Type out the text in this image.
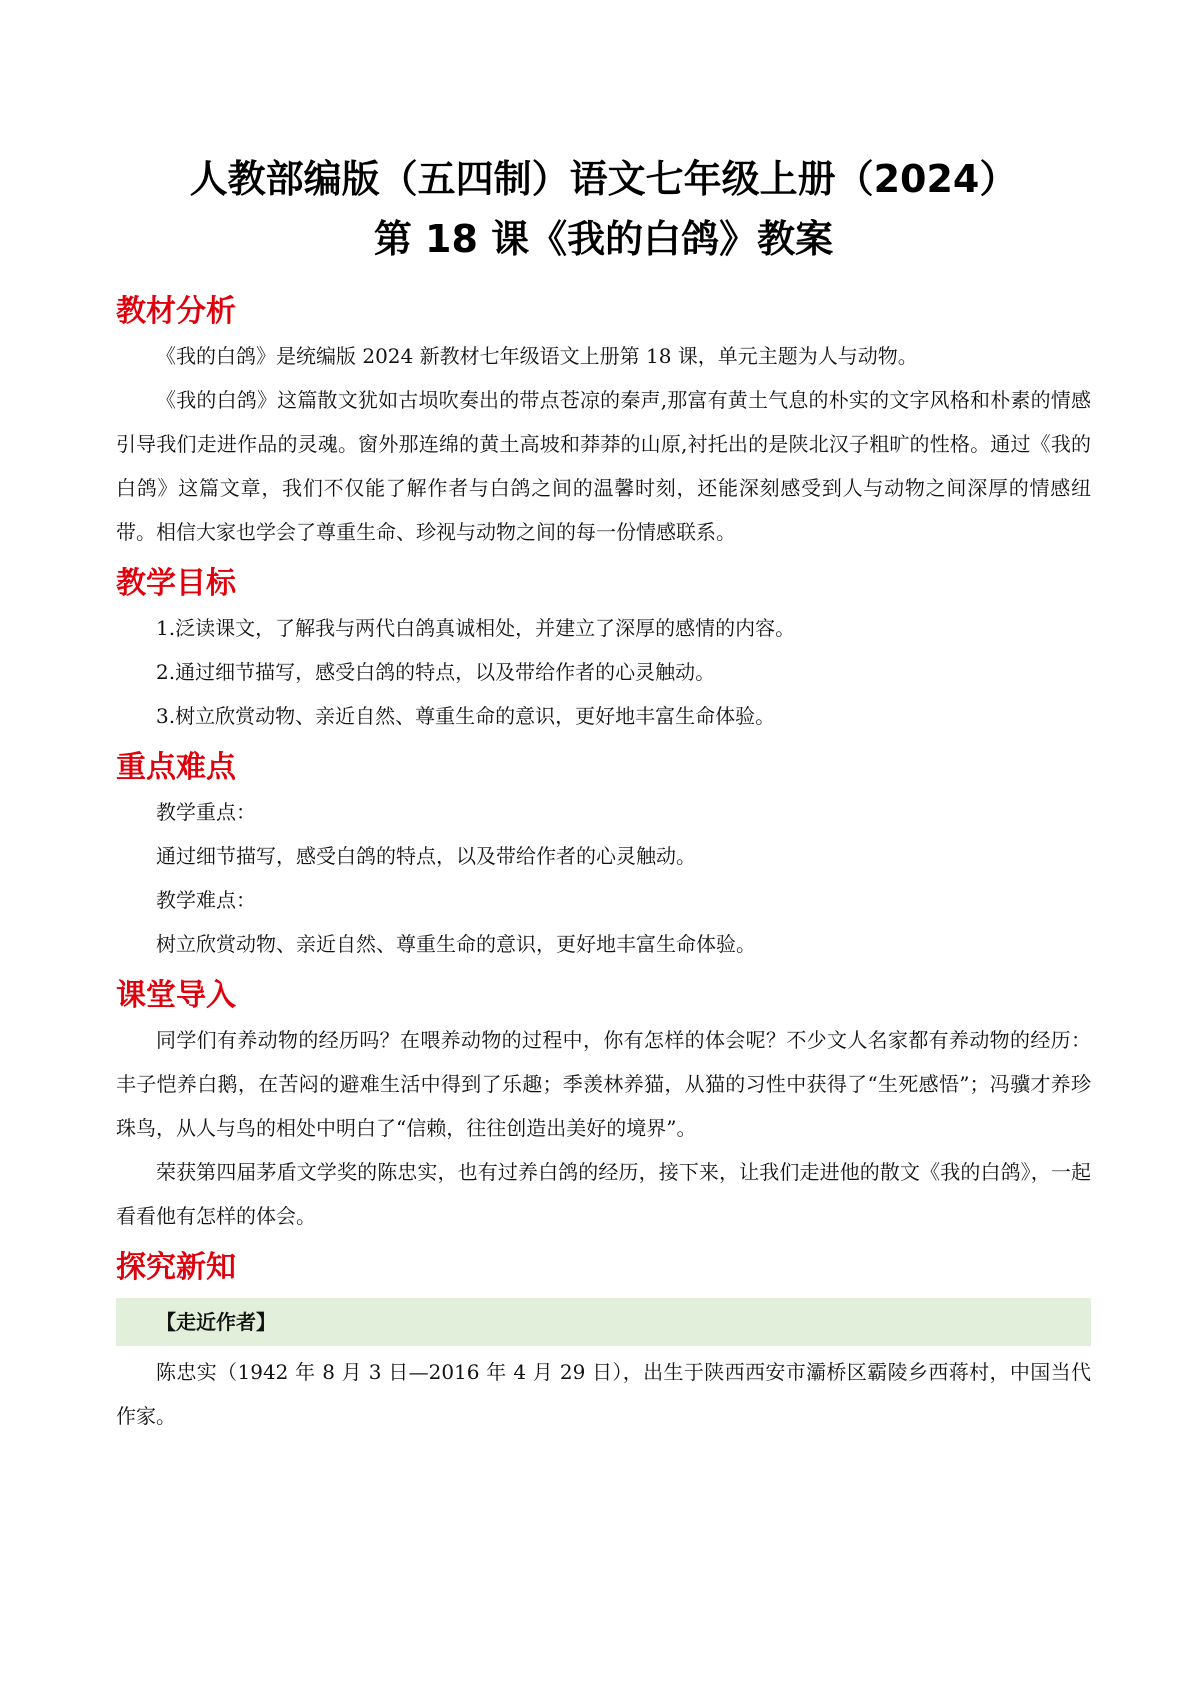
人教部编版（五四制）语文七年级上册（2024）
第 18 课《我的白鸽》教案
教材分析

《我的白鸽》是统编版 2024 新教材七年级语文上册第 18 课，单元主题为人与动物。

《我的白鸽》这篇散文犹如古埙吹奏出的带点苍凉的秦声,那富有黄土气息的朴实的文字风格和朴素的情感引导我们走进作品的灵魂。窗外那连绵的黄土高坡和莽莽的山原,衬托出的是陕北汉子粗旷的性格。通过《我的白鸽》这篇文章，我们不仅能了解作者与白鸽之间的温馨时刻，还能深刻感受到人与动物之间深厚的情感纽带。相信大家也学会了尊重生命、珍视与动物之间的每一份情感联系。

教学目标

1.泛读课文，了解我与两代白鸽真诚相处，并建立了深厚的感情的内容。

2.通过细节描写，感受白鸽的特点，以及带给作者的心灵触动。

3.树立欣赏动物、亲近自然、尊重生命的意识，更好地丰富生命体验。

重点难点

教学重点：

通过细节描写，感受白鸽的特点，以及带给作者的心灵触动。

教学难点：

树立欣赏动物、亲近自然、尊重生命的意识，更好地丰富生命体验。

课堂导入

同学们有养动物的经历吗？在喂养动物的过程中，你有怎样的体会呢？不少文人名家都有养动物的经历：丰子恺养白鹅，在苦闷的避难生活中得到了乐趣；季羡林养猫，从猫的习性中获得了“生死感悟”；冯骥才养珍珠鸟，从人与鸟的相处中明白了“信赖，往往创造出美好的境界”。

荣获第四届茅盾文学奖的陈忠实，也有过养白鸽的经历，接下来，让我们走进他的散文《我的白鸽》，一起看看他有怎样的体会。

探究新知
【走近作者】

陈忠实（1942 年 8 月 3 日—2016 年 4 月 29 日），出生于陕西西安市灞桥区霸陵乡西蒋村，中国当代作家。
